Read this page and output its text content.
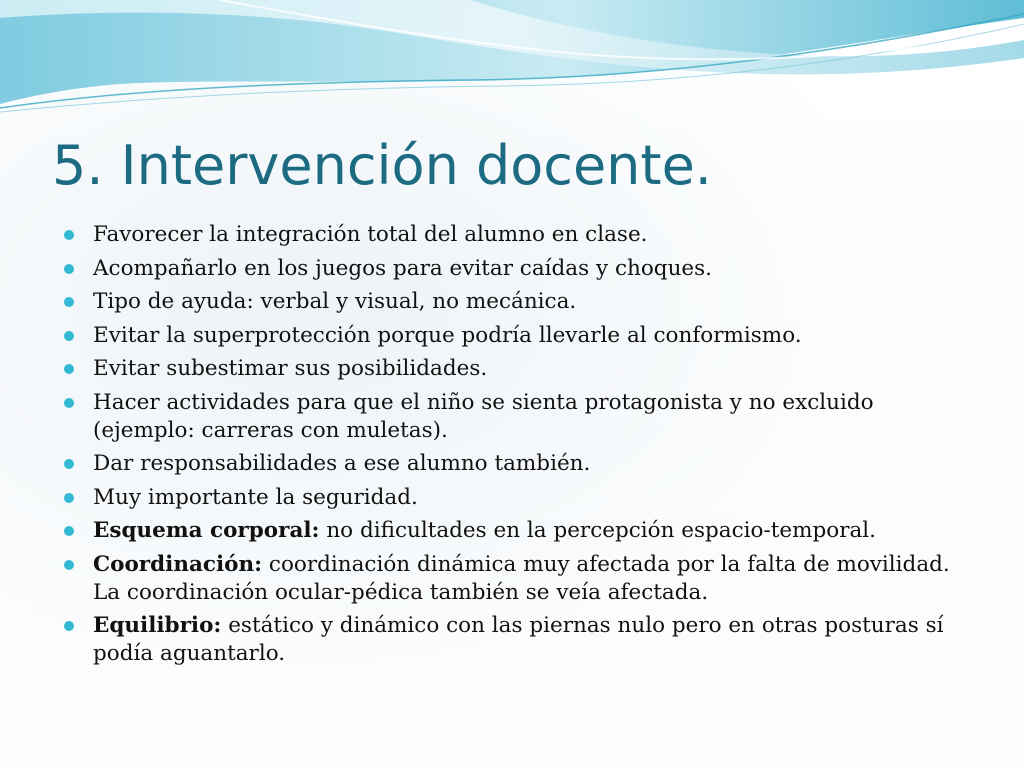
5. Intervención docente.
Favorecer la integración total del alumno en clase.
Acompañarlo en los juegos para evitar caídas y choques.
Tipo de ayuda: verbal y visual, no mecánica.
Evitar la superprotección porque podría llevarle al conformismo.
Evitar subestimar sus posibilidades.
Hacer actividades para que el niño se sienta protagonista y no excluido (ejemplo: carreras con muletas).
Dar responsabilidades a ese alumno también.
Muy importante la seguridad.
Esquema corporal: no dificultades en la percepción espacio-temporal.
Coordinación: coordinación dinámica muy afectada por la falta de movilidad. La coordinación ocular-pédica también se veía afectada.
Equilibrio: estático y dinámico con las piernas nulo pero en otras posturas sí podía aguantarlo.
